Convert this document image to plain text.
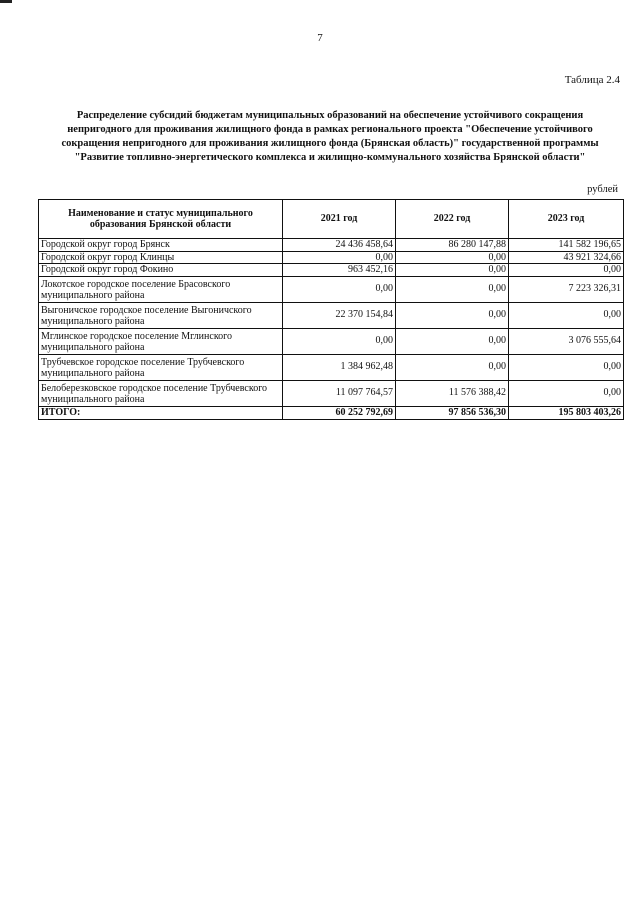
7
Таблица 2.4
Распределение субсидий бюджетам муниципальных образований на обеспечение устойчивого сокращения
непригодного для проживания жилищного фонда в рамках регионального проекта "Обеспечение устойчивого
сокращения непригодного для проживания жилищного фонда (Брянская область)" государственной программы
"Развитие топливно-энергетического комплекса и жилищно-коммунального хозяйства Брянской области"
рублей
Наименование и статус муниципального образования Брянской области	2021 год	2022 год	2023 год
Городской округ город Брянск	24 436 458,64	86 280 147,88	141 582 196,65
Городской округ город Клинцы	0,00	0,00	43 921 324,66
Городской округ город Фокино	963 452,16	0,00	0,00
Локотское городское поселение Брасовского муниципального района	0,00	0,00	7 223 326,31
Выгоничское городское поселение Выгоничского муниципального района	22 370 154,84	0,00	0,00
Мглинское городское поселение Мглинского муниципального района	0,00	0,00	3 076 555,64
Трубчевское городское поселение Трубчевского муниципального района	1 384 962,48	0,00	0,00
Белоберезковское городское поселение Трубчевского муниципального района	11 097 764,57	11 576 388,42	0,00
ИТОГО:	60 252 792,69	97 856 536,30	195 803 403,26
